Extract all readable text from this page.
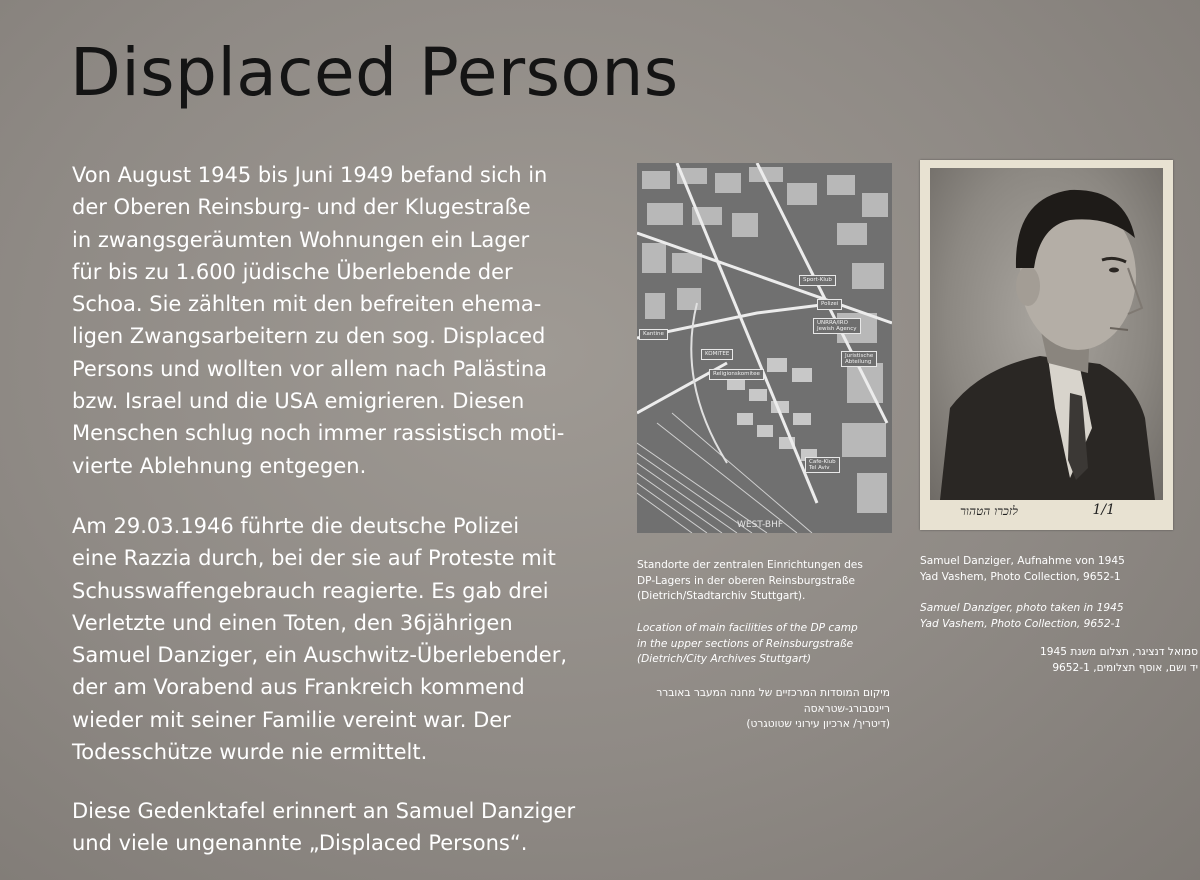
Displaced Persons

Von August 1945 bis Juni 1949 befand sich in
der Oberen Reinsburg- und der Klugestraße
in zwangsgeräumten Wohnungen ein Lager
für bis zu 1.600 jüdische Überlebende der
Schoa. Sie zählten mit den befreiten ehema-
ligen Zwangsarbeitern zu den sog. Displaced
Persons und wollten vor allem nach Palästina
bzw. Israel und die USA emigrieren. Diesen
Menschen schlug noch immer rassistisch moti-
vierte Ablehnung entgegen.

Am 29.03.1946 führte die deutsche Polizei
eine Razzia durch, bei der sie auf Proteste mit
Schusswaffengebrauch reagierte. Es gab drei
Verletzte und einen Toten, den 36jährigen
Samuel Danziger, ein Auschwitz-Überlebender,
der am Vorabend aus Frankreich kommend
wieder mit seiner Familie vereint war. Der
Todesschütze wurde nie ermittelt.

Diese Gedenktafel erinnert an Samuel Danziger
und viele ungenannte „Displaced Persons“.

Sport-Klub
Polizei
UNRRA/IRO
Jewish Agency
Kantine
KOMITEE
Religionskomitee
Juristische
Abteilung
Cafe-Klub
Tel Aviv
WEST-BHF
לזכרו הטהור	1/1

Standorte der zentralen Einrichtungen des
DP-Lagers in der oberen Reinsburgstraße
(Dietrich/Stadtarchiv Stuttgart).

Location of main facilities of the DP camp
in the upper sections of Reinsburgstraße
(Dietrich/City Archives Stuttgart)

מיקום המוסדות המרכזיים של מחנה המעבר באוברר
ריינסבורג-שטראסה
(דיטריך/ ארכיון עירוני שטוטגרט)

Samuel Danziger, Aufnahme von 1945
Yad Vashem, Photo Collection, 9652-1

Samuel Danziger, photo taken in 1945
Yad Vashem, Photo Collection, 9652-1

סמואל דנציגר, תצלום משנת 1945
יד ושם, אוסף תצלומים, 9652-1
